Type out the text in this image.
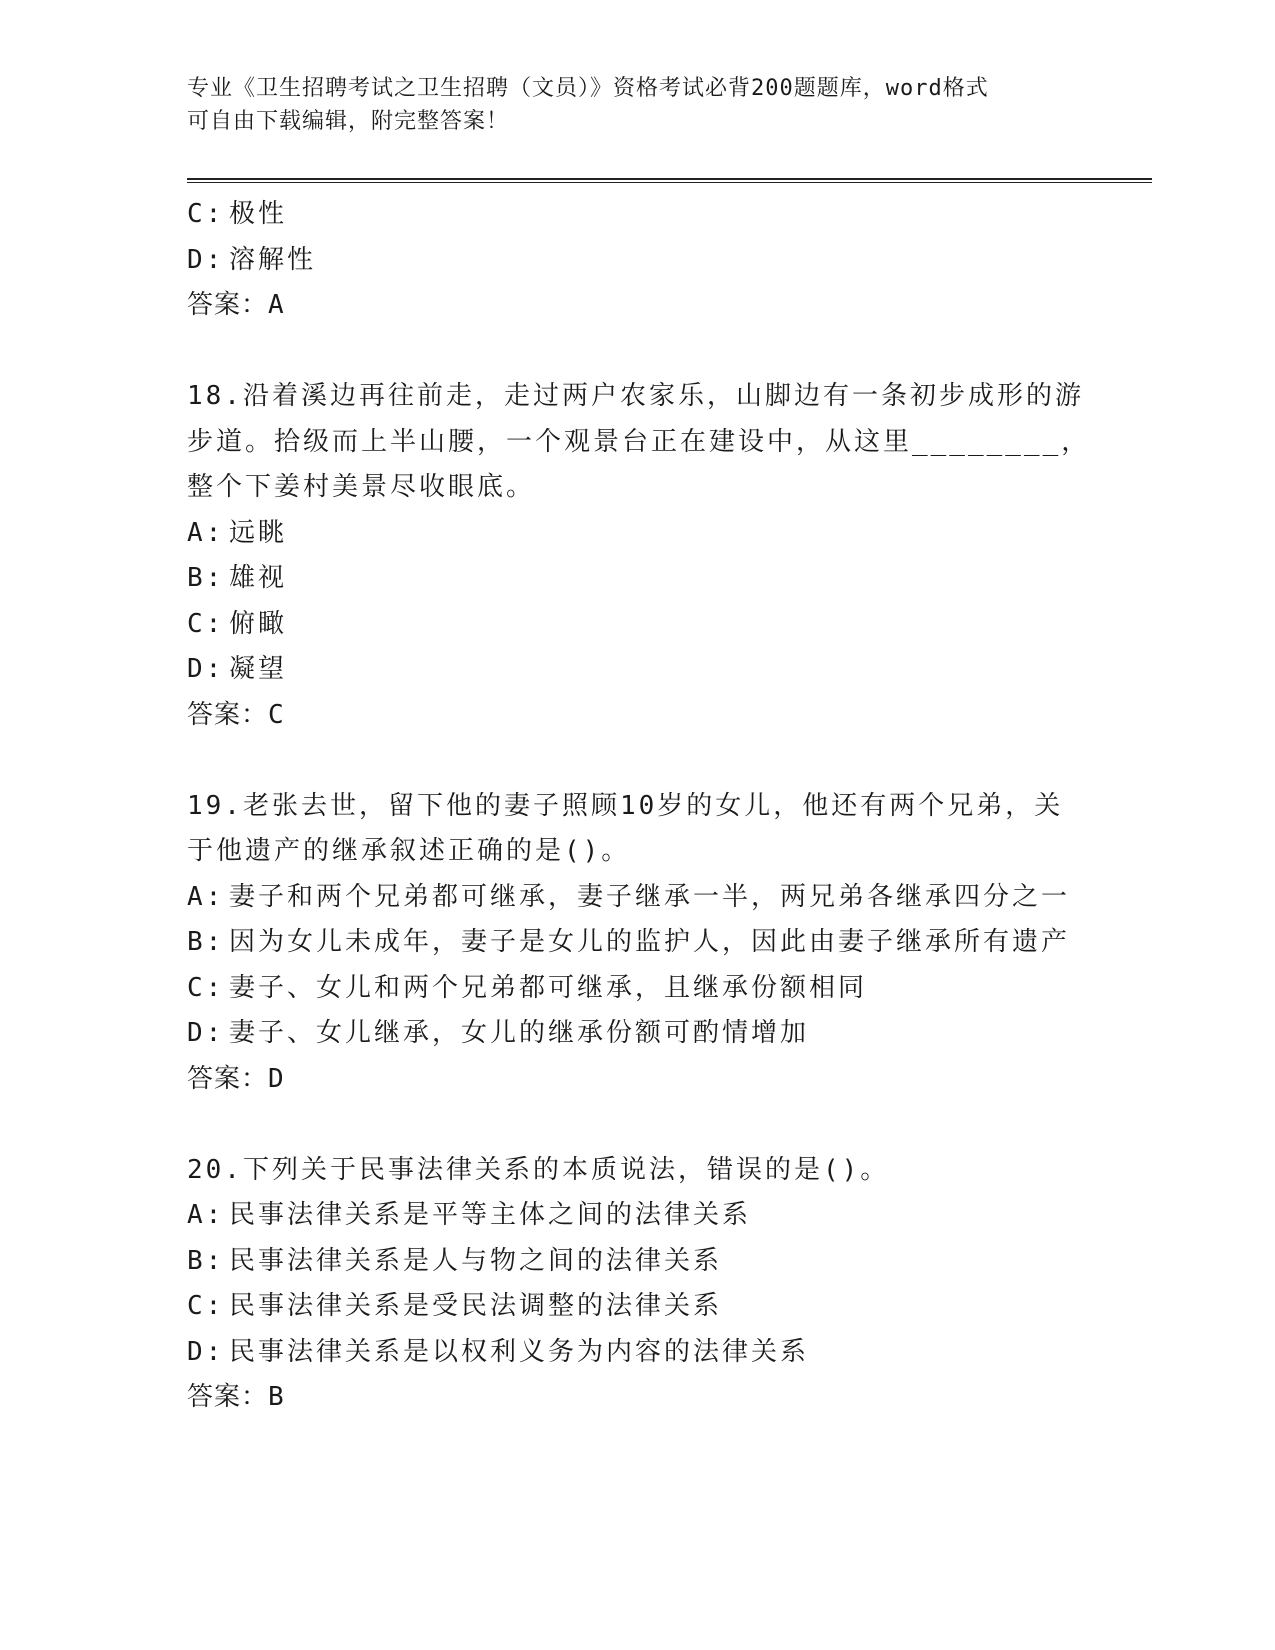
专业《卫生招聘考试之卫生招聘（文员）》资格考试必背200题题库，word格式
可自由下载编辑，附完整答案！
C: 极性
D: 溶解性
答案：A
18.沿着溪边再往前走，走过两户农家乐，山脚边有一条初步成形的游
步道。拾级而上半山腰，一个观景台正在建设中，从这里________，
整个下姜村美景尽收眼底。
A: 远眺
B: 雄视
C: 俯瞰
D: 凝望
答案：C
19.老张去世，留下他的妻子照顾10岁的女儿，他还有两个兄弟，关
于他遗产的继承叙述正确的是()。
A: 妻子和两个兄弟都可继承，妻子继承一半，两兄弟各继承四分之一
B: 因为女儿未成年，妻子是女儿的监护人，因此由妻子继承所有遗产
C: 妻子、女儿和两个兄弟都可继承，且继承份额相同
D: 妻子、女儿继承，女儿的继承份额可酌情增加
答案：D
20.下列关于民事法律关系的本质说法，错误的是()。
A: 民事法律关系是平等主体之间的法律关系
B: 民事法律关系是人与物之间的法律关系
C: 民事法律关系是受民法调整的法律关系
D: 民事法律关系是以权利义务为内容的法律关系
答案：B
